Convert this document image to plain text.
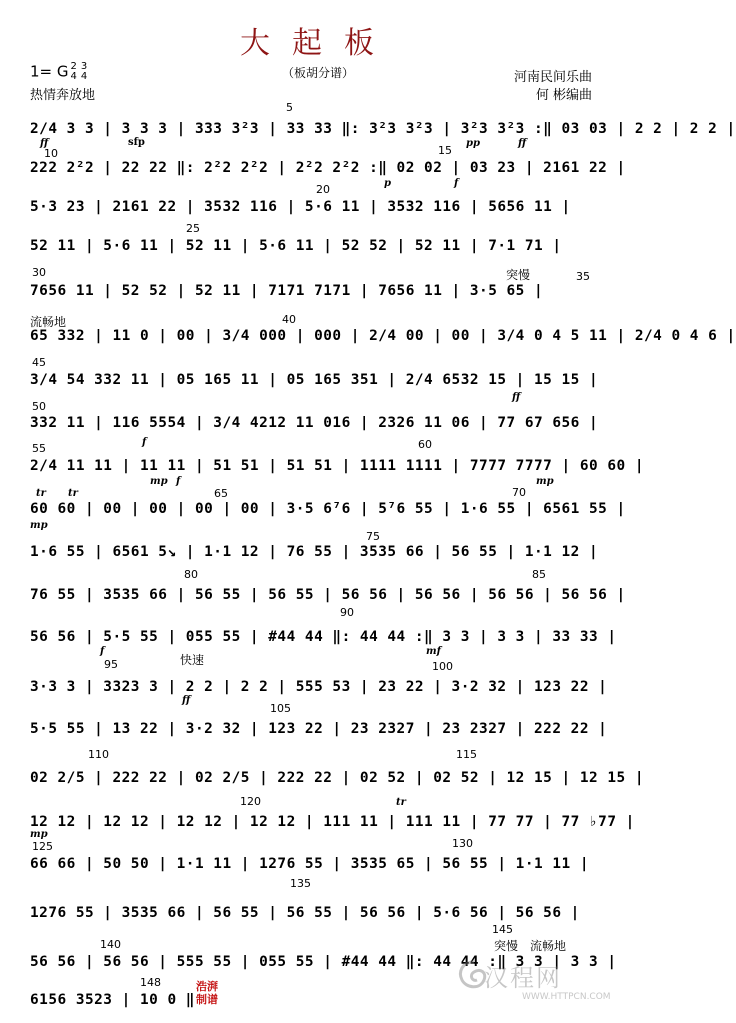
大起板
（板胡分谱）
1= G 2
43
4
热情奔放地
河南民间乐曲
何 彬编曲
2/4 3 3 | 3 3 3 | 333 3²3 | 33 33 ‖: 3²3 3²3 | 3²3 3²3 :‖ 03 03 | 2 2 | 2 2 |
222 2²2 | 22 22 ‖: 2²2 2²2 | 2²2 2²2 :‖ 02 02 | 03 23 | 2161 22 |
5·3 23 | 2161 22 | 3532 116 | 5·6 11 | 3532 116 | 5656 11 |
52 11 | 5·6 11 | 52 11 | 5·6 11 | 52 52 | 52 11 | 7·1 71 |
7656 11 | 52 52 | 52 11 | 7171 7171 | 7656 11 | 3·5 65 |
65 332 | 11 0 | 00 | 3/4 000 | 000 | 2/4 00 | 00 | 3/4 0 4 5 11 | 2/4 0 4 6 |
3/4 54 332 11 | 05 165 11 | 05 165 351 | 2/4 6532 15 | 15 15 |
332 11 | 116 5554 | 3/4 4212 11 016 | 2326 11 06 | 77 67 656 |
2/4 11 11 | 11 11 | 51 51 | 51 51 | 1111 1111 | 7777 7777 | 60 60 |
60 60 | 00 | 00 | 00 | 00 | 3·5 6⁷6 | 5⁷6 55 | 1·6 55 | 6561 55 |
1·6 55 | 6561 5↘ | 1·1 12 | 76 55 | 3535 66 | 56 55 | 1·1 12 |
76 55 | 3535 66 | 56 55 | 56 55 | 56 56 | 56 56 | 56 56 | 56 56 |
56 56 | 5·5 55 | 055 55 | #44 44 ‖: 44 44 :‖ 3 3 | 3 3 | 33 33 |
3·3 3 | 3323 3 | 2 2 | 2 2 | 555 53 | 23 22 | 3·2 32 | 123 22 |
5·5 55 | 13 22 | 3·2 32 | 123 22 | 23 2327 | 23 2327 | 222 22 |
02 2/5 | 222 22 | 02 2/5 | 222 22 | 02 52 | 02 52 | 12 15 | 12 15 |
12 12 | 12 12 | 12 12 | 12 12 | 111 11 | 111 11 | 77 77 | 77 ♭77 |
66 66 | 50 50 | 1·1 11 | 1276 55 | 3535 65 | 56 55 | 1·1 11 |
1276 55 | 3535 66 | 56 55 | 56 55 | 56 56 | 5·6 56 | 56 56 |
56 56 | 56 56 | 555 55 | 055 55 | #44 44 ‖: 44 44 :‖ 3 3 | 3 3 |
6156 3523 | 10 0 ‖
5
10	15
20
25
30	35
40
45
50
55	60
65	70
75
80	85
90
95	100
105
110	115
120
125	130
135
140
145
148
突慢
流畅地
快速
突慢 流畅地
ff	sfp	pp	ff
p	f
f
ff
mp f
tr tr
mp
mp
f	mf
ff
mp
tr
浩湃
制谱
汉程网
WWW.HTTPCN.COM
